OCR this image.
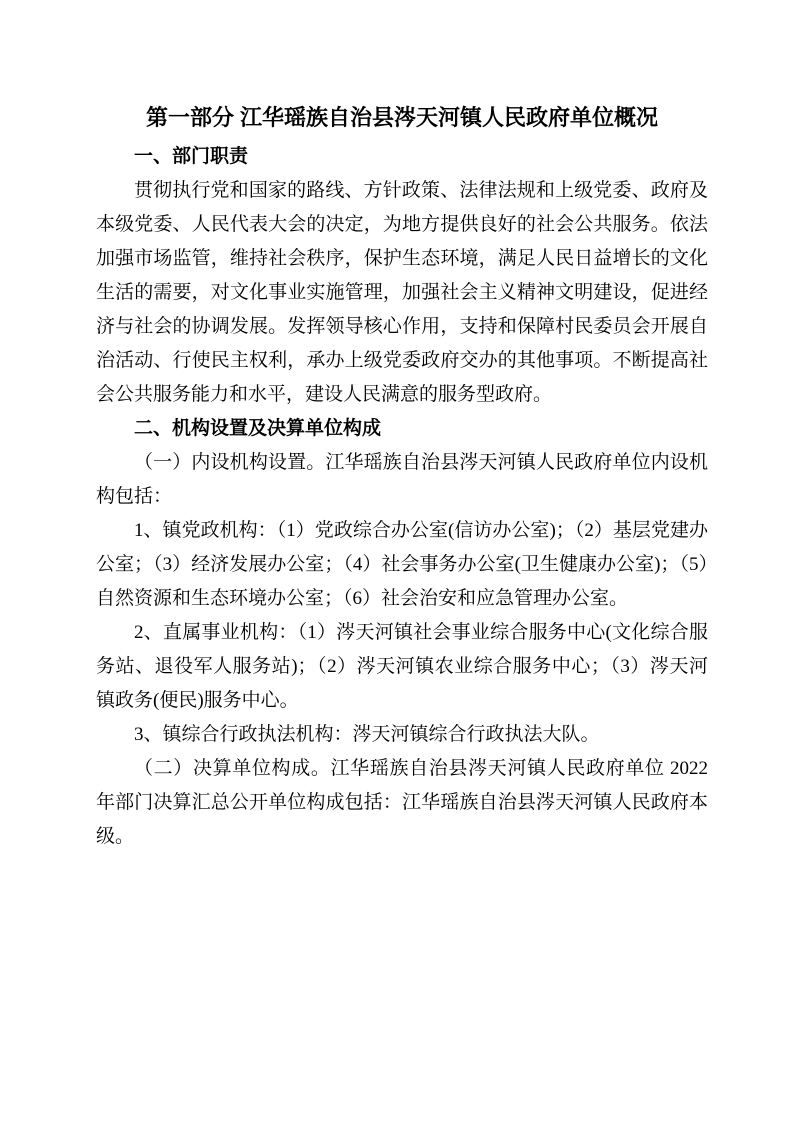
第一部分 江华瑶族自治县涔天河镇人民政府单位概况
一、部门职责

贯彻执行党和国家的路线、方针政策、法律法规和上级党委、政府及本级党委、人民代表大会的决定，为地方提供良好的社会公共服务。依法加强市场监管，维持社会秩序，保护生态环境，满足人民日益增长的文化生活的需要，对文化事业实施管理，加强社会主义精神文明建设，促进经济与社会的协调发展。发挥领导核心作用，支持和保障村民委员会开展自治活动、行使民主权利，承办上级党委政府交办的其他事项。不断提高社会公共服务能力和水平，建设人民满意的服务型政府。

二、机构设置及决算单位构成

（一）内设机构设置。江华瑶族自治县涔天河镇人民政府单位内设机构包括：

1、镇党政机构：（1）党政综合办公室(信访办公室)；（2）基层党建办公室；（3）经济发展办公室；（4）社会事务办公室(卫生健康办公室)；（5）自然资源和生态环境办公室；（6）社会治安和应急管理办公室。

2、直属事业机构：（1）涔天河镇社会事业综合服务中心(文化综合服务站、退役军人服务站)；（2）涔天河镇农业综合服务中心；（3）涔天河镇政务(便民)服务中心。

3、镇综合行政执法机构：涔天河镇综合行政执法大队。

（二）决算单位构成。江华瑶族自治县涔天河镇人民政府单位 2022年部门决算汇总公开单位构成包括：江华瑶族自治县涔天河镇人民政府本级。
